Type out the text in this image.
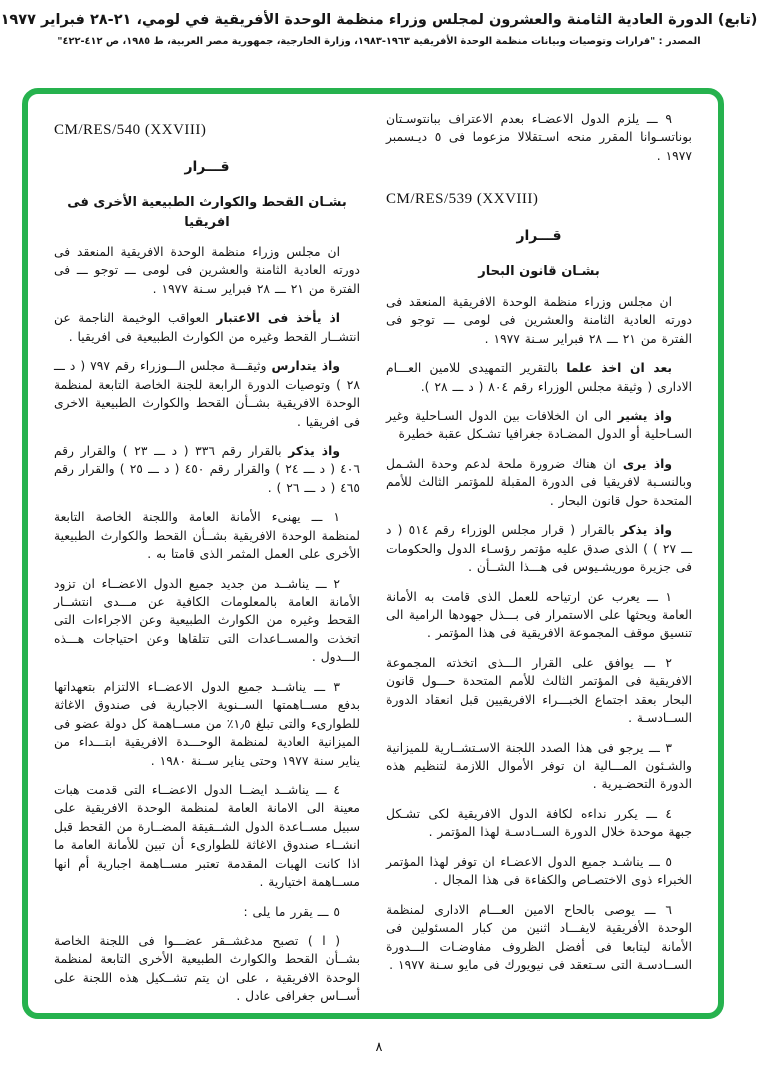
(تابع) الدورة العادية الثامنة والعشرون لمجلس وزراء منظمة الوحدة الأفريقية في لومي، ٢١-٢٨ فبراير ١٩٧٧
المصدر : "قرارات وتوصيات وبيانات منظمة الوحدة الأفريقية ١٩٦٣-١٩٨٣، وزارة الخارجية، جمهورية مصر العربية، ط ١٩٨٥، ص ٤١٢-٤٢٢"

٩ ـــ يلزم الدول الاعضـاء بعدم الاعتراف ببانتوسـتان بوناتسـوانا المقرر منحه اسـتقلالا مزعوما فى ٥ ديـسمبر ١٩٧٧ .

CM/RES/539 (XXVIII)
قـــرار
بشـان قانون البحار

ان مجلس وزراء منظمة الوحدة الافريقية المنعقد فى دورته العادية الثامنة والعشرين فى لومى ـــ توجو فى الفترة من ٢١ ـــ ٢٨ فبراير سـنة ١٩٧٧ .

بعد ان اخذ علما بالتقرير التمهيدى للامين العـــام الادارى ( وثيقة مجلس الوزراء رقم ٨٠٤ ( د ـــ ٢٨ ).

واذ يشير الى ان الخلافات بين الدول السـاحلية وغير السـاحلية أو الدول المضـادة جغرافيا تشـكل عقبة خطيرة

واذ يرى ان هناك ضرورة ملحة لدعم وحدة الشـمل وبالنسـبة لافريقيا فى الدورة المقبلة للمؤتمر الثالث للأمم المتحدة حول قانون البحار .

واذ يذكر بالقرار ( قرار مجلس الوزراء رقم ٥١٤ ( د ـــ ٢٧ ) ) الذى صدق عليه مؤتمر رؤسـاء الدول والحكومات فى جزيرة موريشـيوس فى هـــذا الشــأن .

١ ـــ يعرب عن ارتياحه للعمل الذى قامت به الأمانة العامة ويحثها على الاستمرار فى بـــذل جهودها الرامية الى تنسيق موقف المجموعة الافريقية فى هذا المؤتمر .

٢ ـــ يوافق على القرار الـــذى اتخذته المجموعة الافريقية فى المؤتمر الثالث للأمم المتحدة حـــول قانون البحار بعقد اجتماع الخبـــراء الافريقيين قبل انعقاد الدورة الســادسـة .

٣ ـــ يرجو فى هذا الصدد اللجنة الاسـتشــارية للميزانية والشـئون المـــالية ان توفر الأموال اللازمة لتنظيم هذه الدورة التحضـيرية .

٤ ـــ يكرر نداءه لكافة الدول الافريقية لكى تشـكل جبهة موحدة خلال الدورة الســادسـة لهذا المؤتمر .

٥ ـــ يناشـد جميع الدول الاعضـاء ان توفر لهذا المؤتمر الخبراء ذوى الاختصـاص والكفاءة فى هذا المجال .

٦ ـــ يوصى بالحاح الامين العـــام الادارى لمنظمة الوحدة الأفريقية لايفـــاد اثنين من كبار المسئولين فى الأمانة ليتابعا فى أفضل الظروف مفاوضـات الـــدورة الســادسـة التى سـتعقد فى نيويورك فى مايو سـنة ١٩٧٧ .

CM/RES/540 (XXVIII)
قـــرار
بشـان القحط والكوارث الطبيعية الأخرى فى افريقيا

ان مجلس وزراء منظمة الوحدة الافريقية المنعقد فى دورته العادية الثامنة والعشرين فى لومى ـــ توجو ـــ فى الفترة من ٢١ ـــ ٢٨ فبراير سـنة ١٩٧٧ .

اذ يأخذ فى الاعتبار العواقب الوخيمة الناجمة عن انتشــار القحط وغيره من الكوارث الطبيعية فى افريقيا .

واذ يتدارس وثيقـــة مجلس الـــوزراء رقم ٧٩٧ ( د ـــ ٢٨ ) وتوصيات الدورة الرابعة للجنة الخاصة التابعة لمنظمة الوحدة الافريقية بشــأن القحط والكوارث الطبيعية الاخرى فى افريقيا .

واذ يذكر بالقرار رقم ٣٣٦ ( د ـــ ٢٣ ) والقرار رقم ٤٠٦ ( د ـــ ٢٤ ) والقرار رقم ٤٥٠ ( د ـــ ٢٥ ) والقرار رقم ٤٦٥ ( د ـــ ٢٦ ) .

١ ـــ يهنىء الأمانة العامة واللجنة الخاصة التابعة لمنظمة الوحدة الافريقية بشــأن القحط والكوارث الطبيعية الأخرى على العمل المثمر الذى قامتا به .

٢ ـــ يناشــد من جديد جميع الدول الاعضــاء ان تزود الأمانة العامة بالمعلومات الكافية عن مـــدى انتشــار القحط وغيره من الكوارث الطبيعية وعن الاجراءات التى اتخذت والمســاعدات التى تتلقاها وعن احتياجات هـــذه الـــدول .

٣ ـــ يناشــد جميع الدول الاعضــاء الالتزام بتعهداتها بدفع مســاهمتها الســنوية الاجبارية فى صندوق الاغاثة للطوارىء والتى تبلغ ١٫٥٪ من مســاهمة كل دولة عضو فى الميزانية العادية لمنظمة الوحـــدة الافريقية ابتـــداء من يناير سنة ١٩٧٧ وحتى يناير ســنة ١٩٨٠ .

٤ ـــ يناشــد ايضــا الدول الاعضــاء التى قدمت هبات معينة الى الامانة العامة لمنظمة الوحدة الافريقية على سبيل مســاعدة الدول الشــقيقة المضــارة من القحط قبل انشــاء صندوق الاغاثة للطوارىء أن تبين للأمانة العامة ما اذا كانت الهبات المقدمة تعتبر مســاهمة اجبارية أم انها مســاهمة اختيارية .

٥ ـــ يقرر ما يلى :

( ا ) تصبح مدغشــقر عضـــوا فى اللجنة الخاصة بشــأن القحط والكوارث الطبيعية الأخرى التابعة لمنظمة الوحدة الافريقية ، على ان يتم تشــكيل هذه اللجنة على أســاس جغرافى عادل .

٨
